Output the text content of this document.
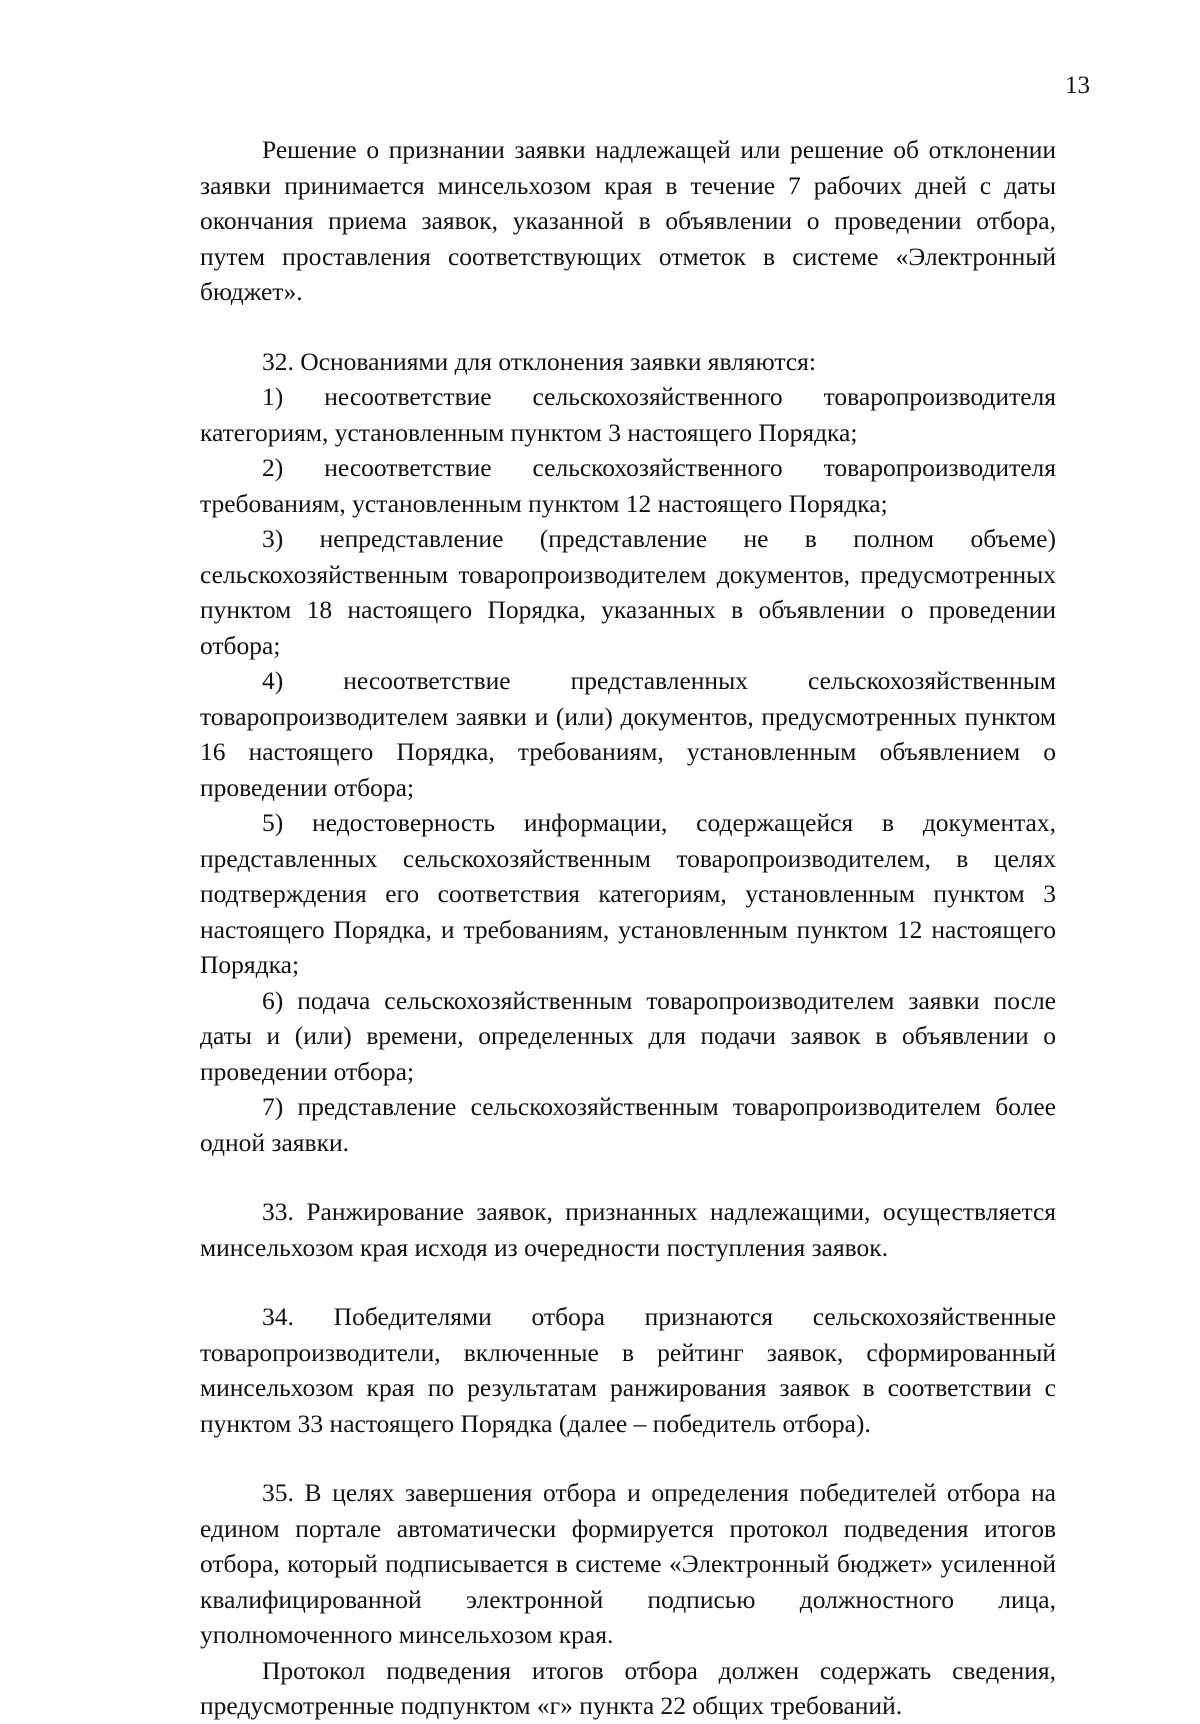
13

Решение о признании заявки надлежащей или решение об отклонении заявки принимается минсельхозом края в течение 7 рабочих дней с даты окончания приема заявок, указанной в объявлении о проведении отбора, путем проставления соответствующих отметок в системе «Электронный бюджет».

32. Основаниями для отклонения заявки являются:

1) несоответствие сельскохозяйственного товаропроизводителя категориям, установленным пунктом 3 настоящего Порядка;

2) несоответствие сельскохозяйственного товаропроизводителя требованиям, установленным пунктом 12 настоящего Порядка;

3) непредставление (представление не в полном объеме) сельскохозяйственным товаропроизводителем документов, предусмотренных пунктом 18 настоящего Порядка, указанных в объявлении о проведении отбора;

4) несоответствие представленных сельскохозяйственным товаропроизводителем заявки и (или) документов, предусмотренных пунктом 16 настоящего Порядка, требованиям, установленным объявлением о проведении отбора;

5) недостоверность информации, содержащейся в документах, представленных сельскохозяйственным товаропроизводителем, в целях подтверждения его соответствия категориям, установленным пунктом 3 настоящего Порядка, и требованиям, установленным пунктом 12 настоящего Порядка;

6) подача сельскохозяйственным товаропроизводителем заявки после даты и (или) времени, определенных для подачи заявок в объявлении о проведении отбора;

7) представление сельскохозяйственным товаропроизводителем более одной заявки.

33. Ранжирование заявок, признанных надлежащими, осуществляется минсельхозом края исходя из очередности поступления заявок.

34. Победителями отбора признаются сельскохозяйственные товаропроизводители, включенные в рейтинг заявок, сформированный минсельхозом края по результатам ранжирования заявок в соответствии с пунктом 33 настоящего Порядка (далее – победитель отбора).

35. В целях завершения отбора и определения победителей отбора на едином портале автоматически формируется протокол подведения итогов отбора, который подписывается в системе «Электронный бюджет» усиленной квалифицированной электронной подписью должностного лица, уполномоченного минсельхозом края.

Протокол подведения итогов отбора должен содержать сведения, предусмотренные подпунктом «г» пункта 22 общих требований.
